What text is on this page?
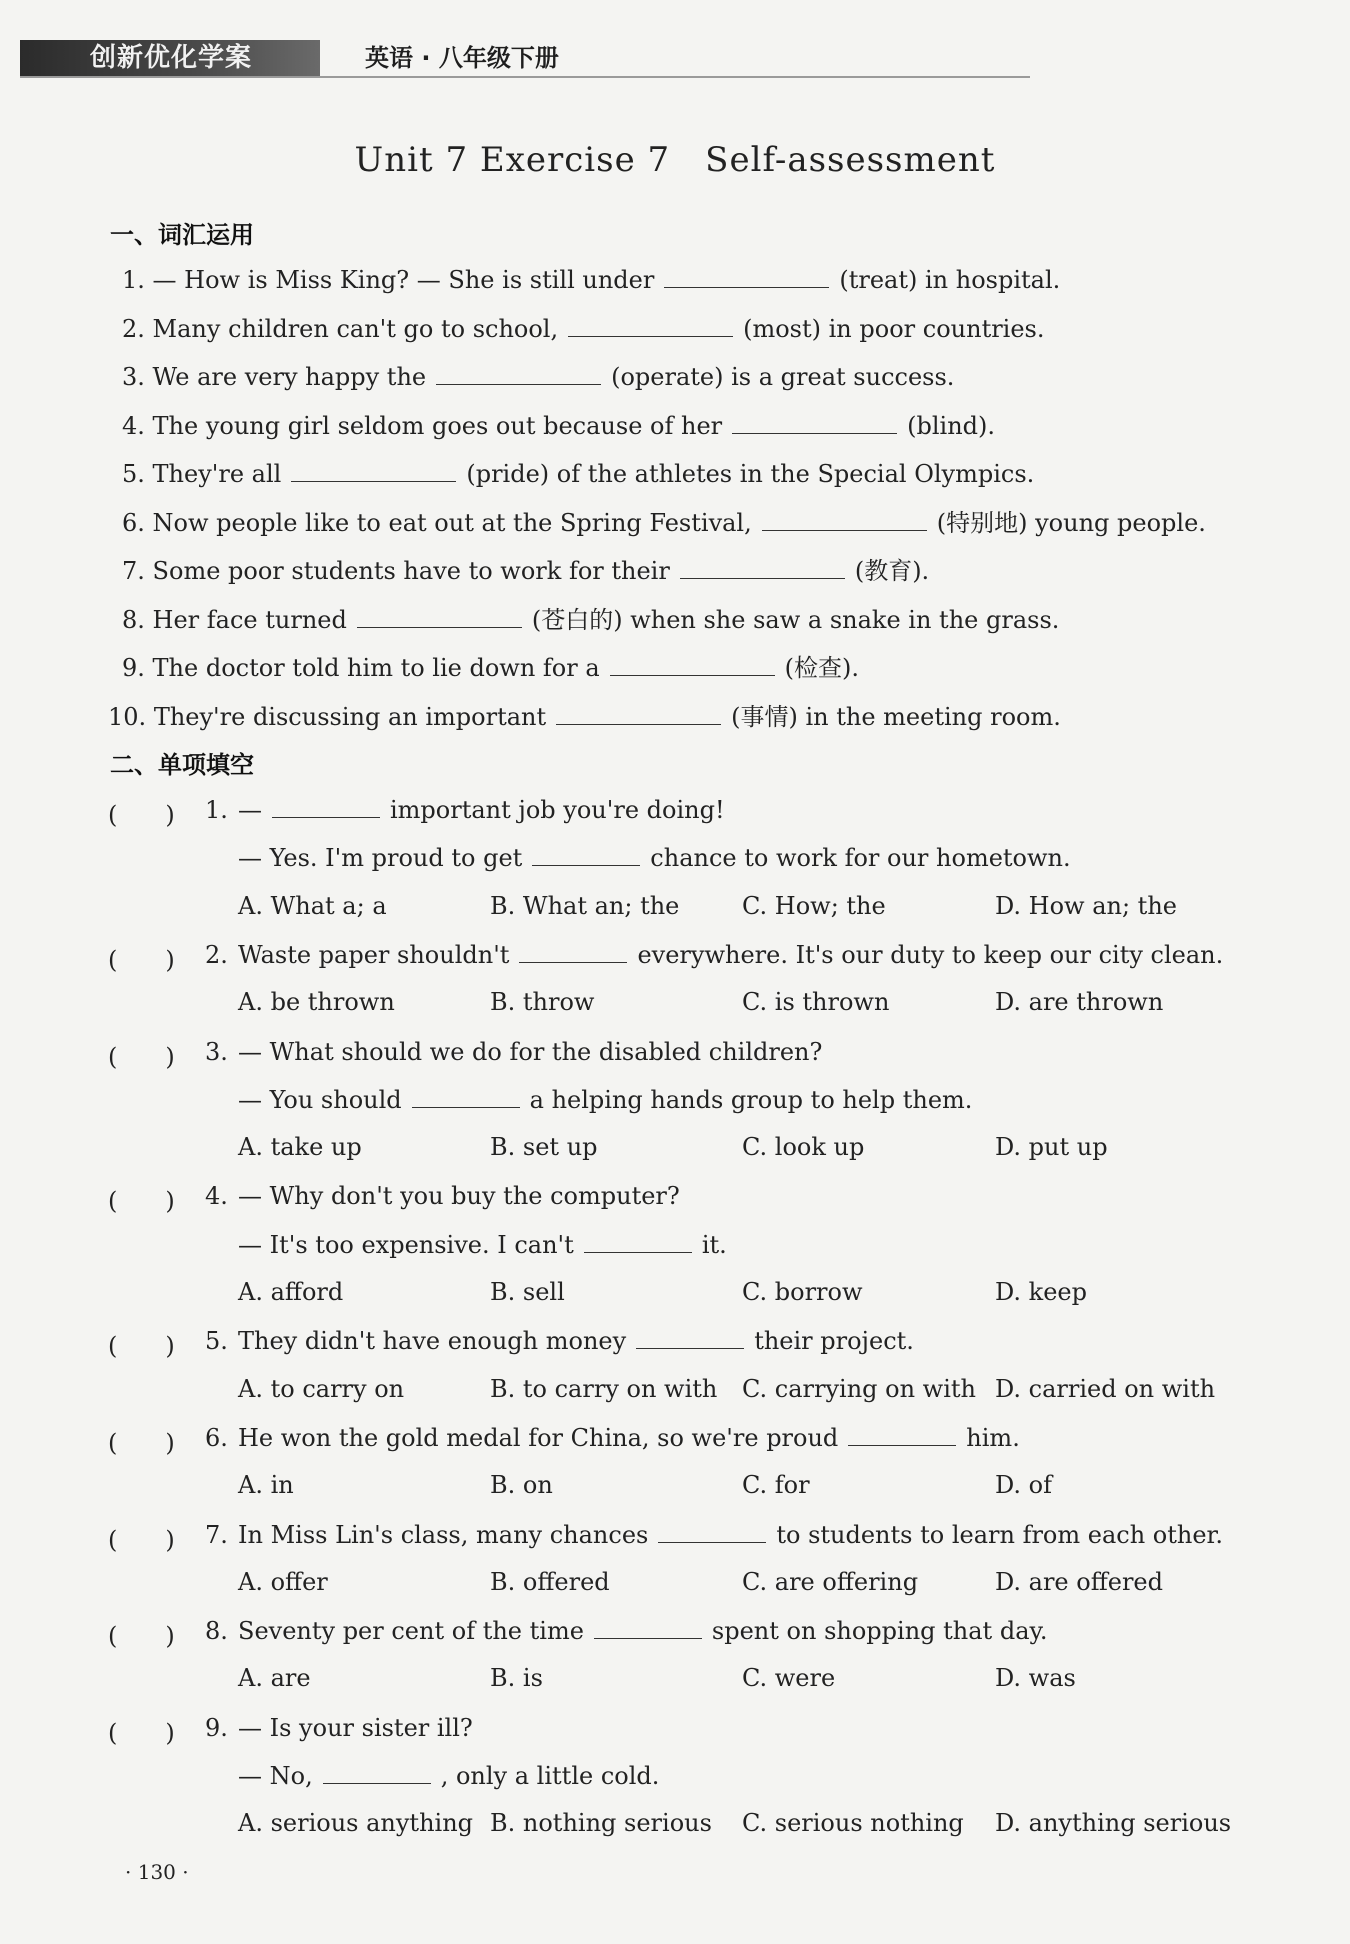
创新优化学案	英语 · 八年级下册
Unit 7 Exercise 7　Self-assessment
一、词汇运用
1. — How is Miss King? — She is still under	(treat) in hospital.
2. Many children can't go to school,	(most) in poor countries.
3. We are very happy the	(operate) is a great success.
4. The young girl seldom goes out because of her	(blind).
5. They're all	(pride) of the athletes in the Special Olympics.
6. Now people like to eat out at the Spring Festival,	(特别地) young people.
7. Some poor students have to work for their	(教育).
8. Her face turned	(苍白的) when she saw a snake in the grass.
9. The doctor told him to lie down for a	(检查).
10. They're discussing an important	(事情) in the meeting room.
二、单项填空
(　　) 1. —	important job you're doing!
— Yes. I'm proud to get	chance to work for our hometown.
A. What a; a	B. What an; the	C. How; the	D. How an; the
(　　) 2. Waste paper shouldn't	everywhere. It's our duty to keep our city clean.
A. be thrown	B. throw	C. is thrown	D. are thrown
(　　) 3. — What should we do for the disabled children?
— You should	a helping hands group to help them.
A. take up	B. set up	C. look up	D. put up
(　　) 4. — Why don't you buy the computer?
— It's too expensive. I can't	it.
A. afford	B. sell	C. borrow	D. keep
(　　) 5. They didn't have enough money	their project.
A. to carry on	B. to carry on with C. carrying on with D. carried on with
(　　) 6. He won the gold medal for China, so we're proud	him.
A. in	B. on	C. for	D. of
(　　) 7. In Miss Lin's class, many chances	to students to learn from each other.
A. offer	B. offered	C. are offering	D. are offered
(　　) 8. Seventy per cent of the time	spent on shopping that day.
A. are	B. is	C. were	D. was
(　　) 9. — Is your sister ill?
— No,	, only a little cold.
A. serious anything B. nothing serious C. serious nothing D. anything serious
· 130 ·
